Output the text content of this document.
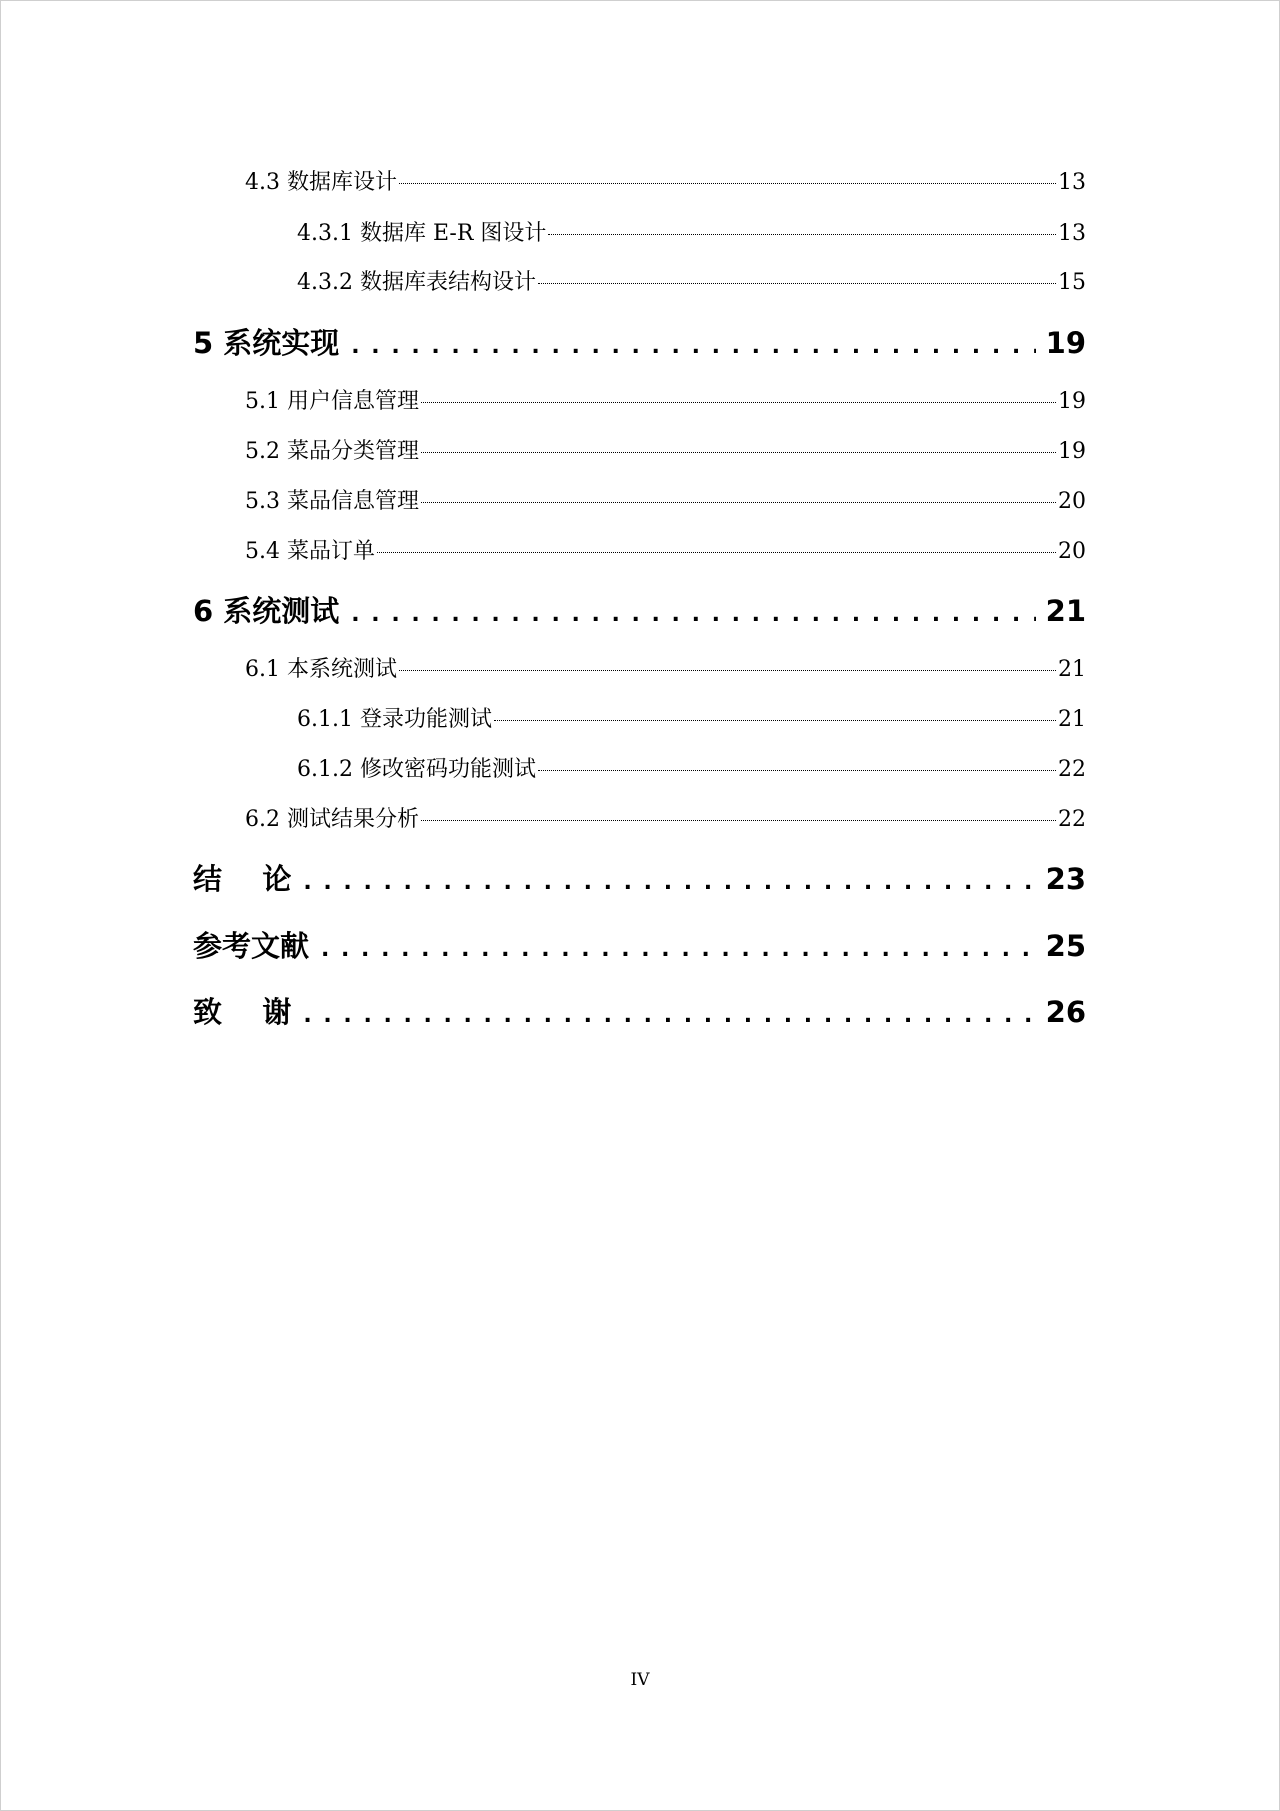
4.3 数据库设计	13
4.3.1 数据库 E-R 图设计	13
4.3.2 数据库表结构设计	15
5 系统实现 . . .	19
5.1 用户信息管理	19
5.2 菜品分类管理	19
5.3 菜品信息管理	20
5.4 菜品订单	20
6 系统测试 . . .	21
6.1 本系统测试	21
6.1.1 登录功能测试	21
6.1.2 修改密码功能测试	22
6.2 测试结果分析	22
结    论 . . .	23
参考文献 . . .	25
致    谢 . . .	26
IV
